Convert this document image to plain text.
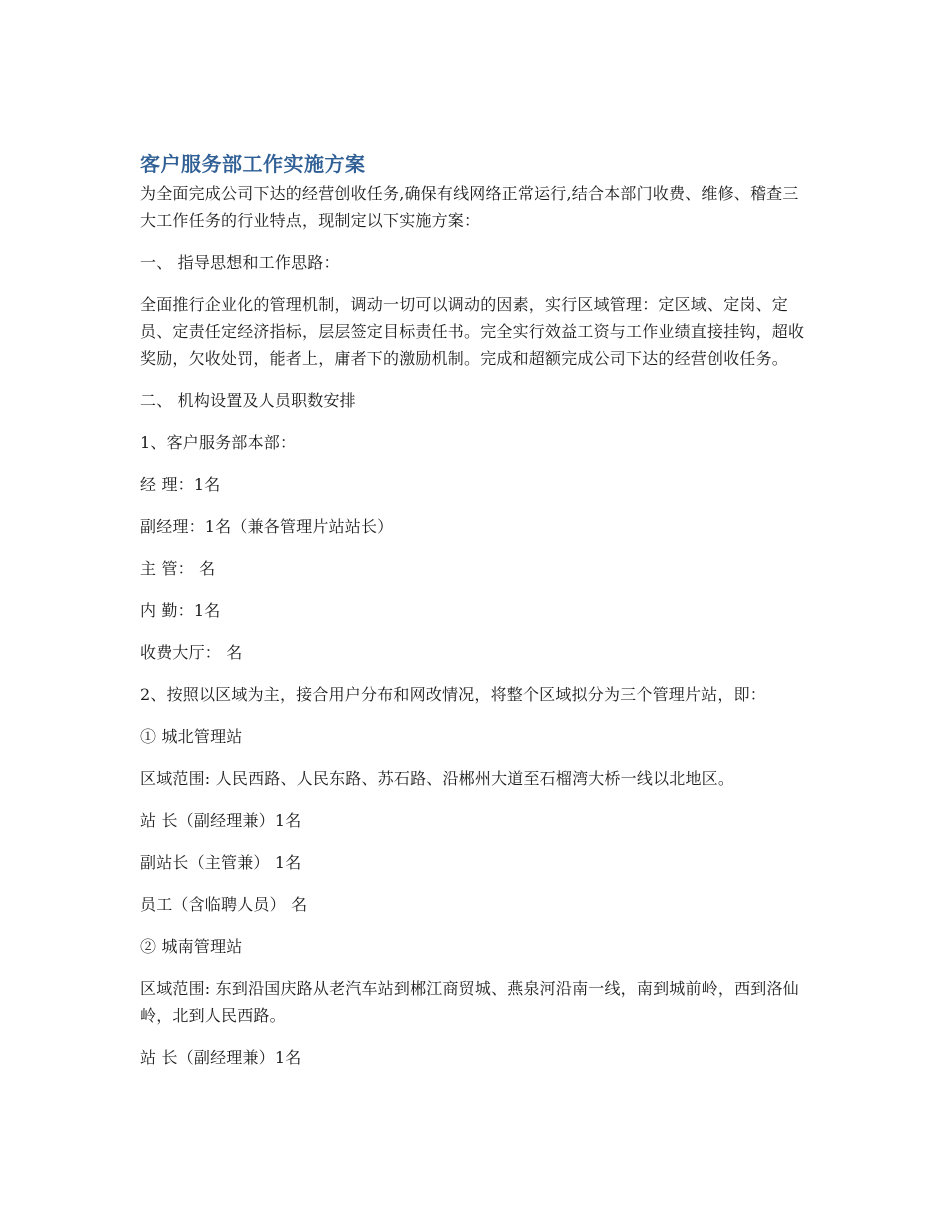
客户服务部工作实施方案

为全面完成公司下达的经营创收任务,确保有线网络正常运行,结合本部门收费、维修、稽查三大工作任务的行业特点，现制定以下实施方案：

一、 指导思想和工作思路：

全面推行企业化的管理机制，调动一切可以调动的因素，实行区域管理：定区域、定岗、定员、定责任定经济指标，层层签定目标责任书。完全实行效益工资与工作业绩直接挂钩，超收奖励，欠收处罚，能者上，庸者下的激励机制。完成和超额完成公司下达的经营创收任务。

二、 机构设置及人员职数安排

1、客户服务部本部：

经 理：1名

副经理：1名（兼各管理片站站长）

主 管： 名

内 勤：1名

收费大厅： 名

2、按照以区域为主，接合用户分布和网改情况，将整个区域拟分为三个管理片站，即：

① 城北管理站

区域范围: 人民西路、人民东路、苏石路、沿郴州大道至石榴湾大桥一线以北地区。

站 长（副经理兼）1名

副站长（主管兼） 1名

员工（含临聘人员） 名

② 城南管理站

区域范围: 东到沿国庆路从老汽车站到郴江商贸城、燕泉河沿南一线，南到城前岭，西到洛仙岭，北到人民西路。

站 长（副经理兼）1名
